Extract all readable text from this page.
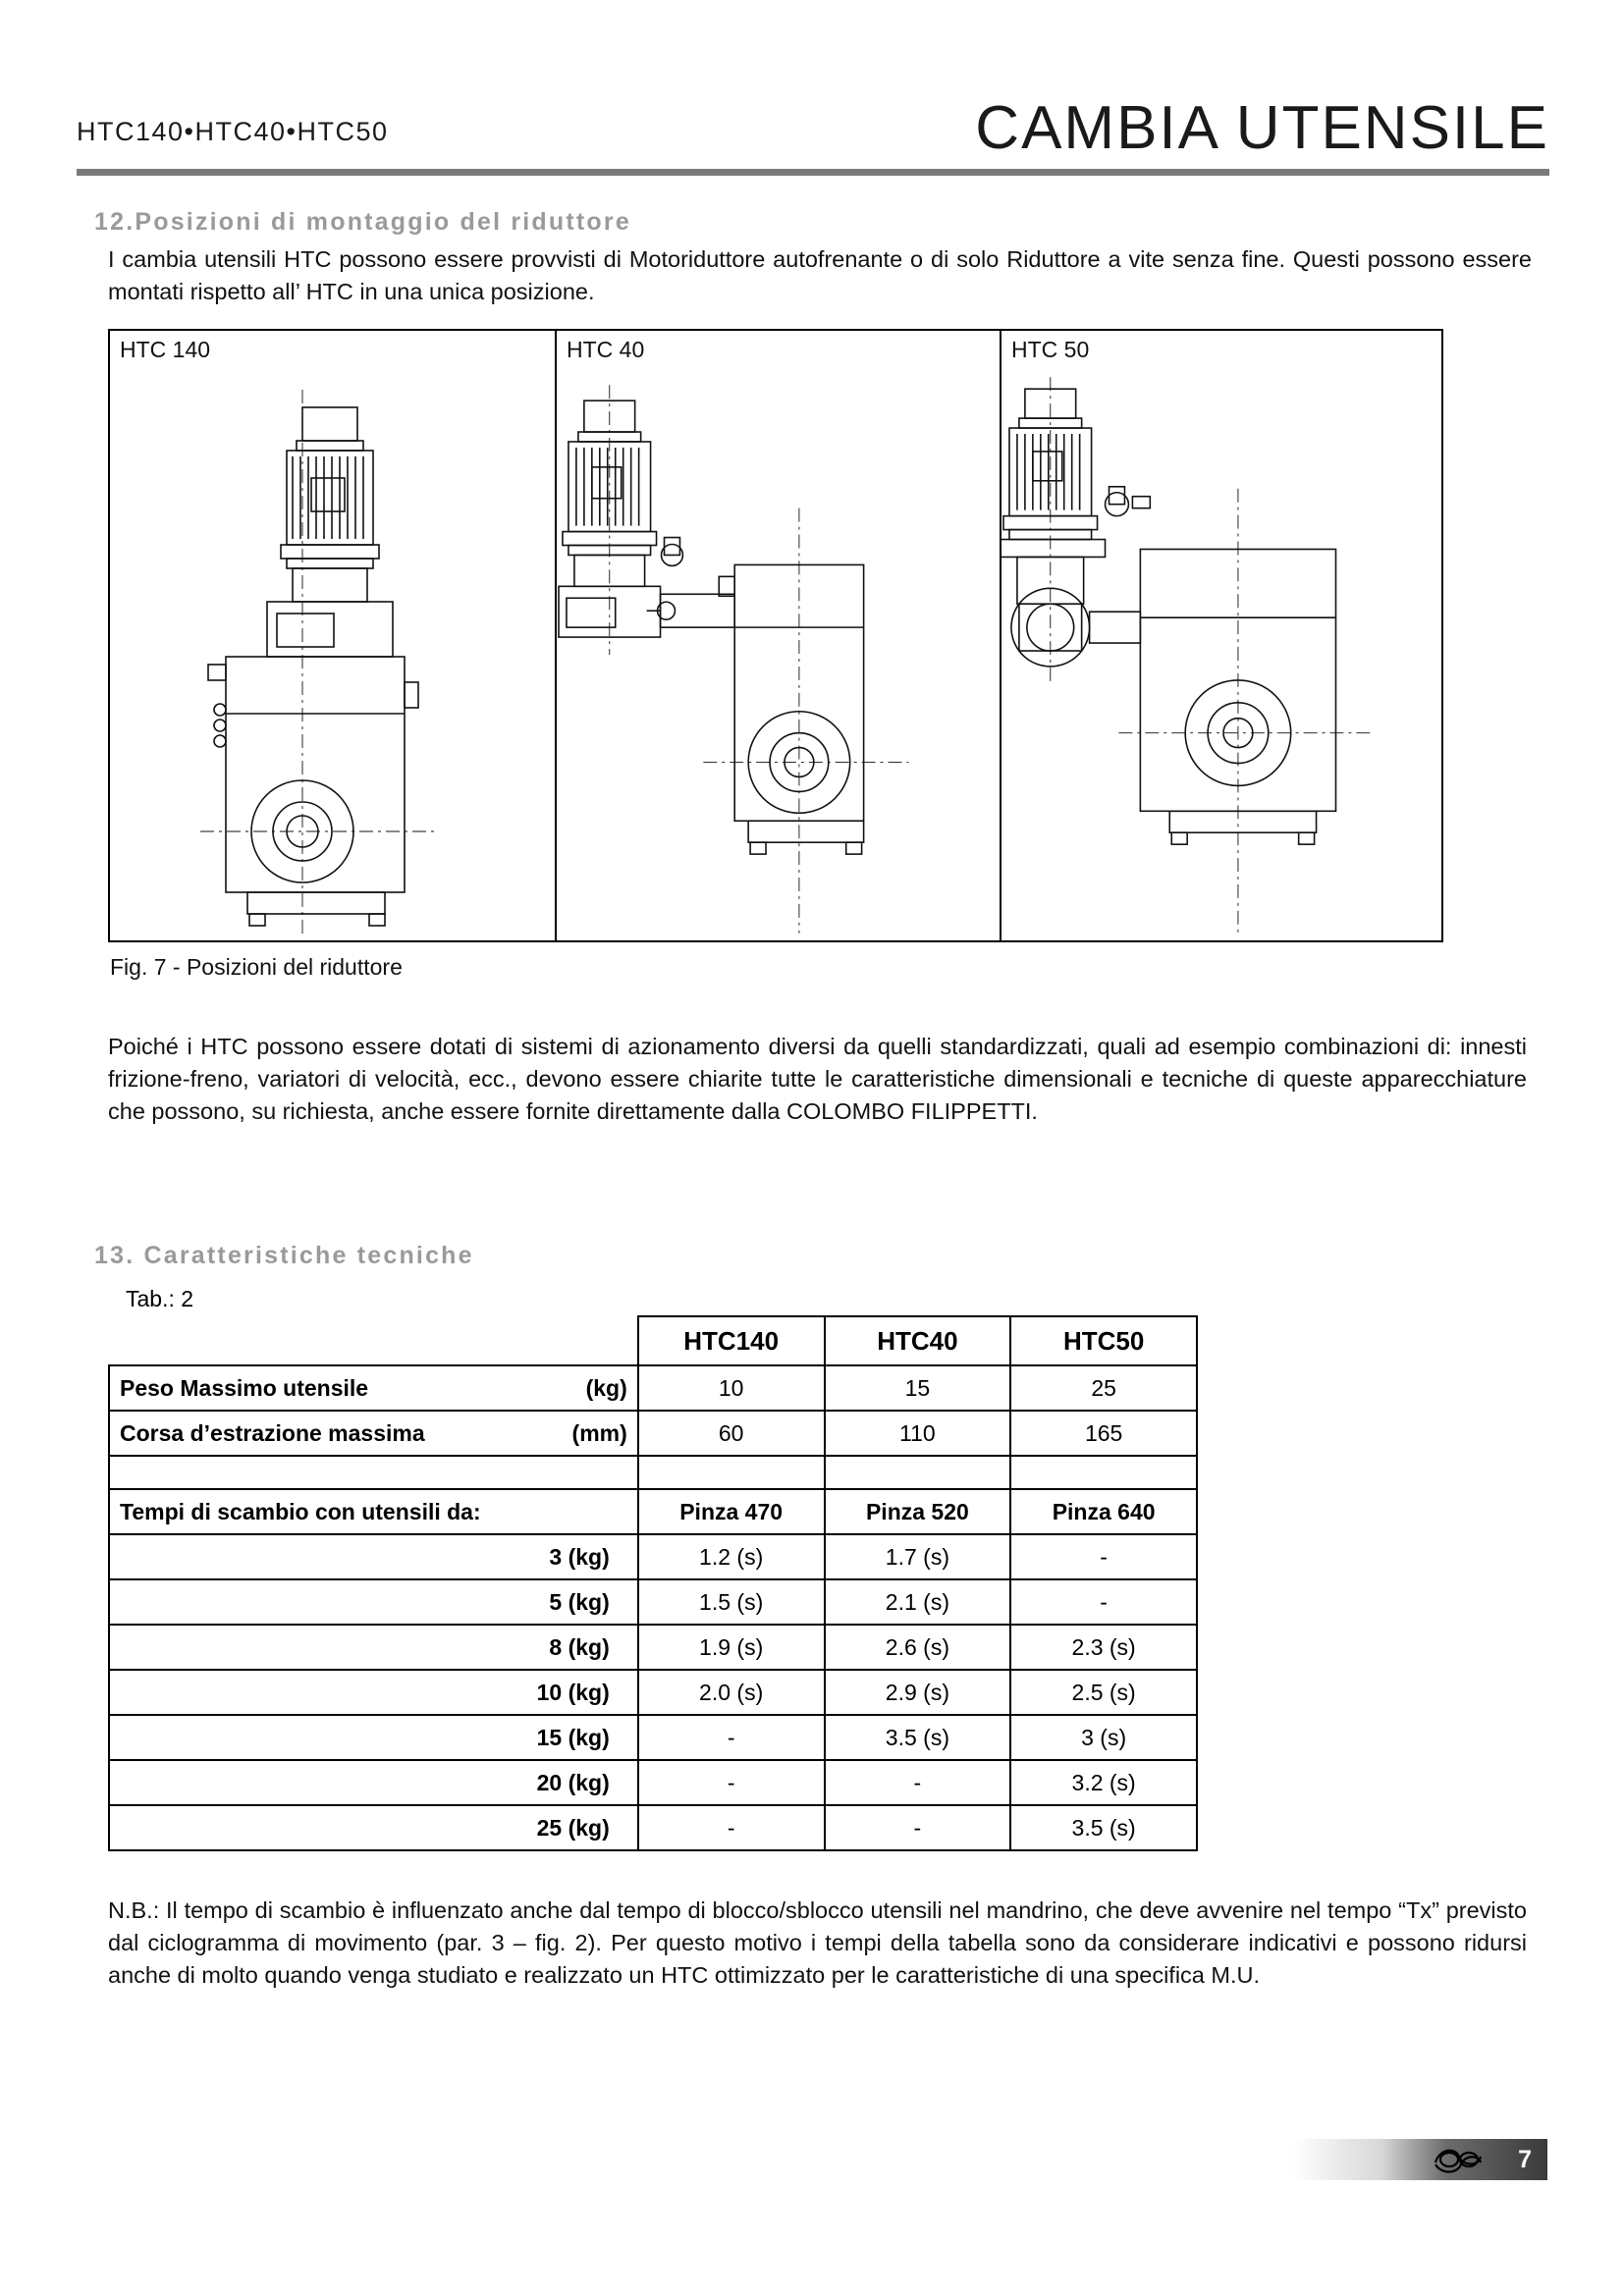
HTC140•HTC40•HTC50	CAMBIA UTENSILE
12.Posizioni di montaggio del riduttore
I cambia utensili HTC possono essere provvisti di Motoriduttore autofrenante o di solo Riduttore a vite senza fine. Questi possono essere montati rispetto all’ HTC in una unica posizione.
HTC 140	HTC 40	HTC 50
Fig. 7 - Posizioni del riduttore
Poiché i HTC possono essere dotati di sistemi di azionamento diversi da quelli standardizzati, quali ad esempio combinazioni di: innesti frizione-freno, variatori di velocità, ecc., devono essere chiarite tutte le caratteristiche dimensionali e tecniche di queste apparecchiature che possono, su richiesta, anche essere fornite direttamente dalla COLOMBO FILIPPETTI.
13. Caratteristiche tecniche
Tab.: 2
	HTC140	HTC40	HTC50
Peso Massimo utensile (kg)	10	15	25
Corsa d’estrazione massima (mm)	60	110	165

Tempi di scambio con utensili da:	Pinza 470	Pinza 520	Pinza 640
3 (kg)	1.2 (s)	1.7 (s)	-
5 (kg)	1.5 (s)	2.1 (s)	-
8 (kg)	1.9 (s)	2.6 (s)	2.3 (s)
10 (kg)	2.0 (s)	2.9 (s)	2.5 (s)
15 (kg)	-	3.5 (s)	3 (s)
20 (kg)	-	-	3.2 (s)
25 (kg)	-	-	3.5 (s)
N.B.: Il tempo di scambio è influenzato anche dal tempo di blocco/sblocco utensili nel mandrino, che deve avvenire nel tempo “Tx” previsto dal ciclogramma di movimento (par. 3 – fig. 2). Per questo motivo i tempi della tabella sono da considerare indicativi e possono ridursi anche di molto quando venga studiato e realizzato un HTC ottimizzato per le caratteristiche di una specifica M.U.
7
